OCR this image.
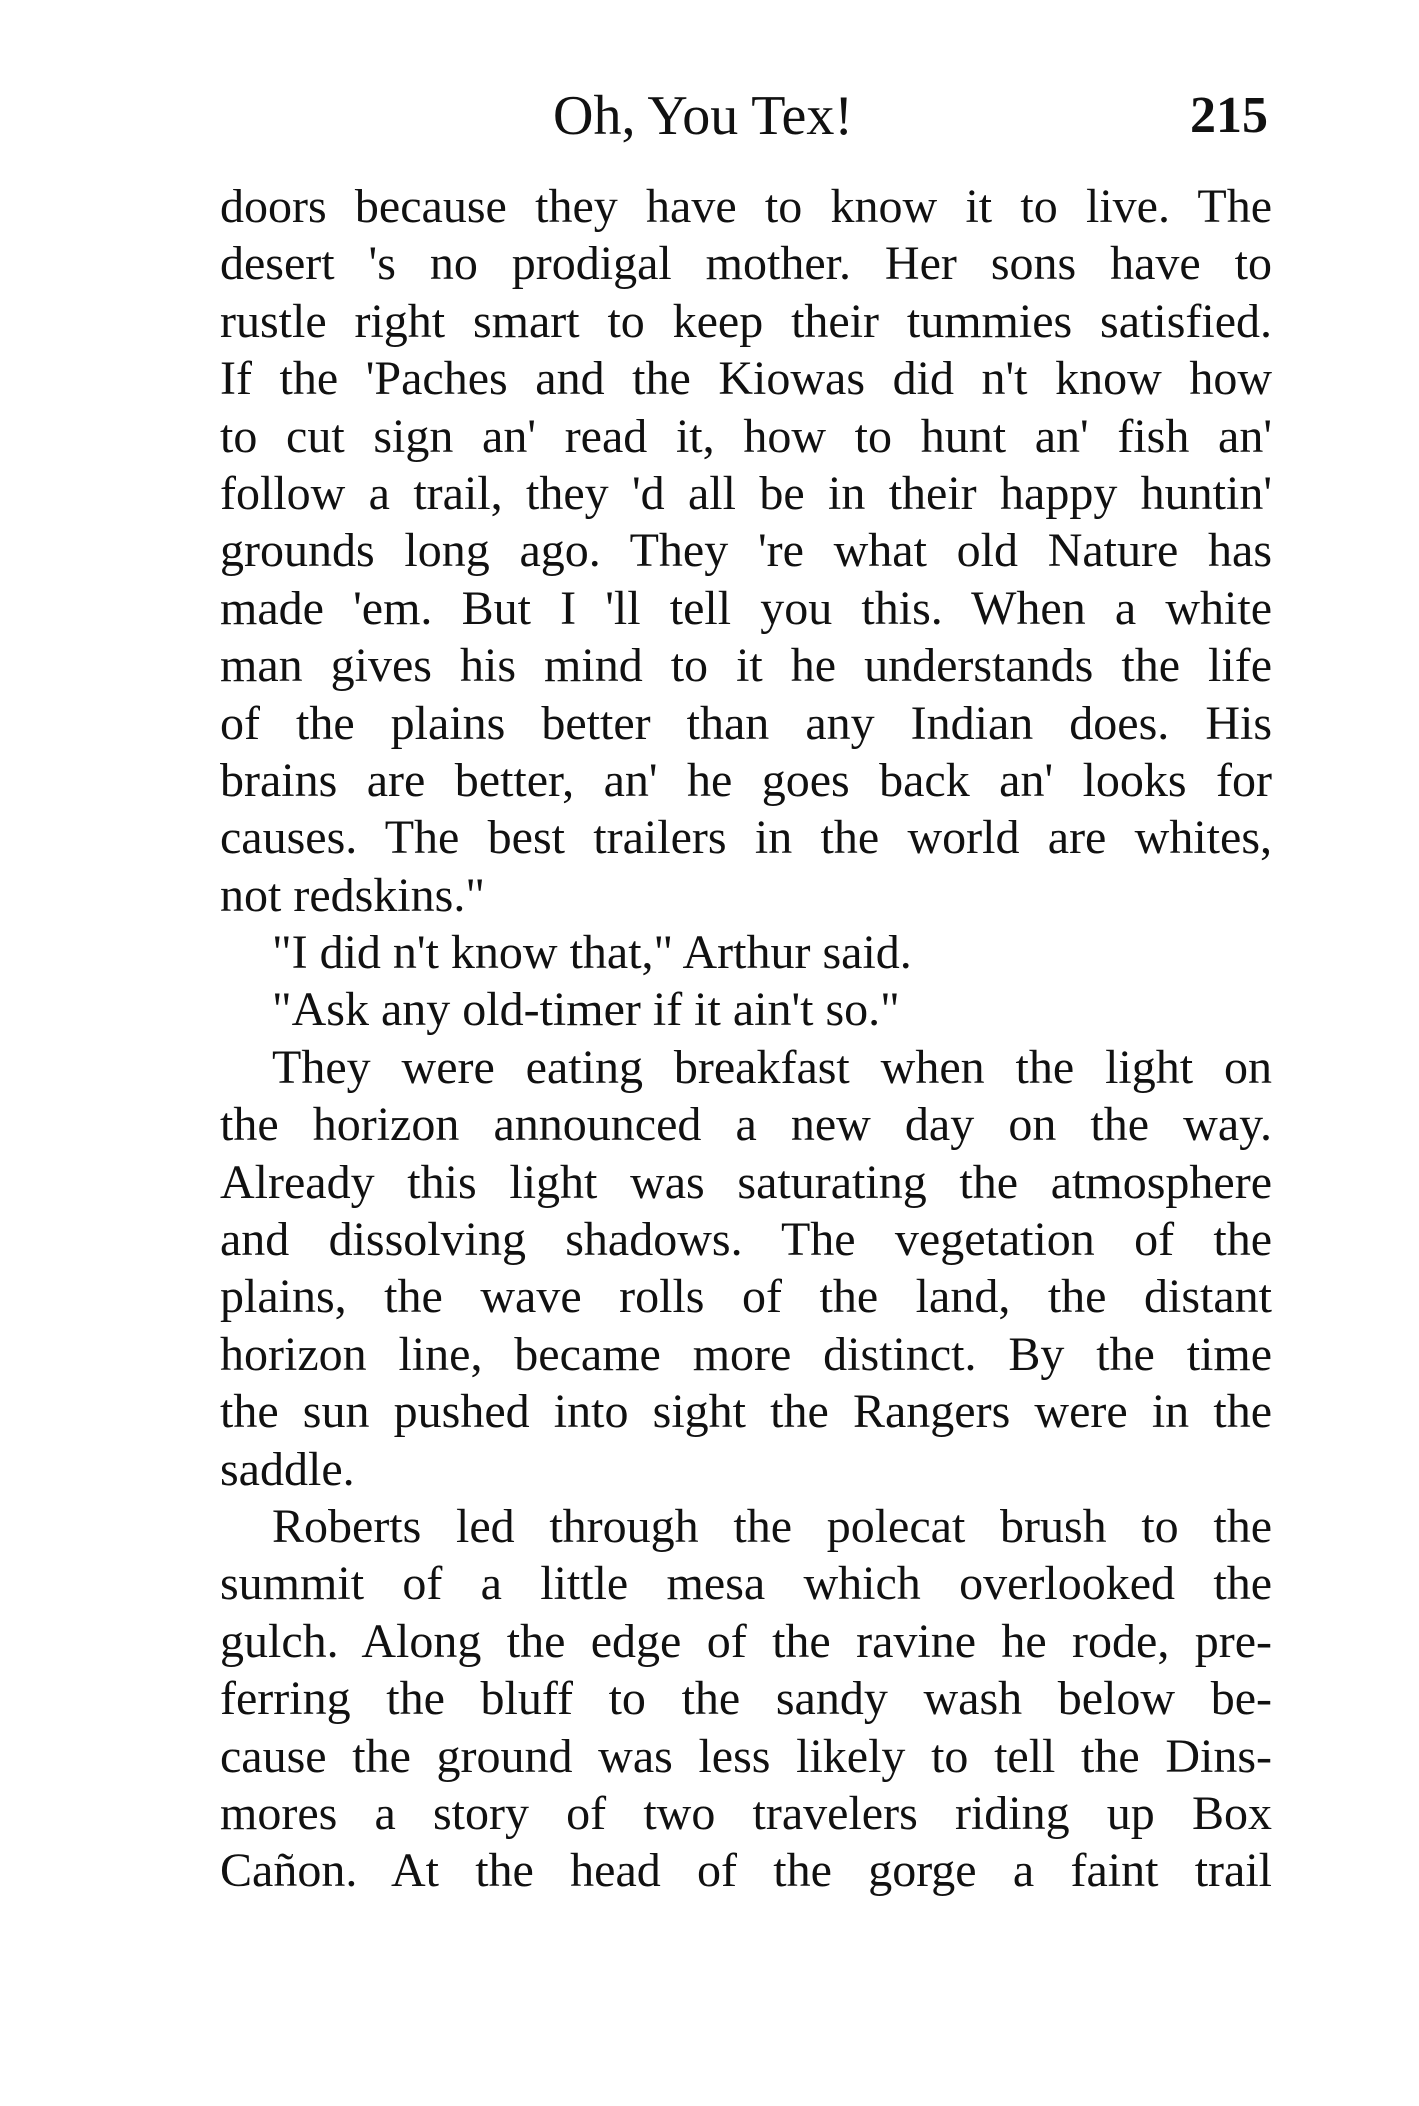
Oh, You Tex!	215
doors because they have to know it to live. The
desert 's no prodigal mother. Her sons have to
rustle right smart to keep their tummies satisfied.
If the 'Paches and the Kiowas did n't know how
to cut sign an' read it, how to hunt an' fish an'
follow a trail, they 'd all be in their happy huntin'
grounds long ago. They 're what old Nature has
made 'em. But I 'll tell you this. When a white
man gives his mind to it he understands the life
of the plains better than any Indian does. His
brains are better, an' he goes back an' looks for
causes. The best trailers in the world are whites,
not redskins."
"I did n't know that," Arthur said.
"Ask any old-timer if it ain't so."
They were eating breakfast when the light on
the horizon announced a new day on the way.
Already this light was saturating the atmosphere
and dissolving shadows. The vegetation of the
plains, the wave rolls of the land, the distant
horizon line, became more distinct. By the time
the sun pushed into sight the Rangers were in the
saddle.
Roberts led through the polecat brush to the
summit of a little mesa which overlooked the
gulch. Along the edge of the ravine he rode, pre-
ferring the bluff to the sandy wash below be-
cause the ground was less likely to tell the Dins-
mores a story of two travelers riding up Box
Cañon. At the head of the gorge a faint trail
